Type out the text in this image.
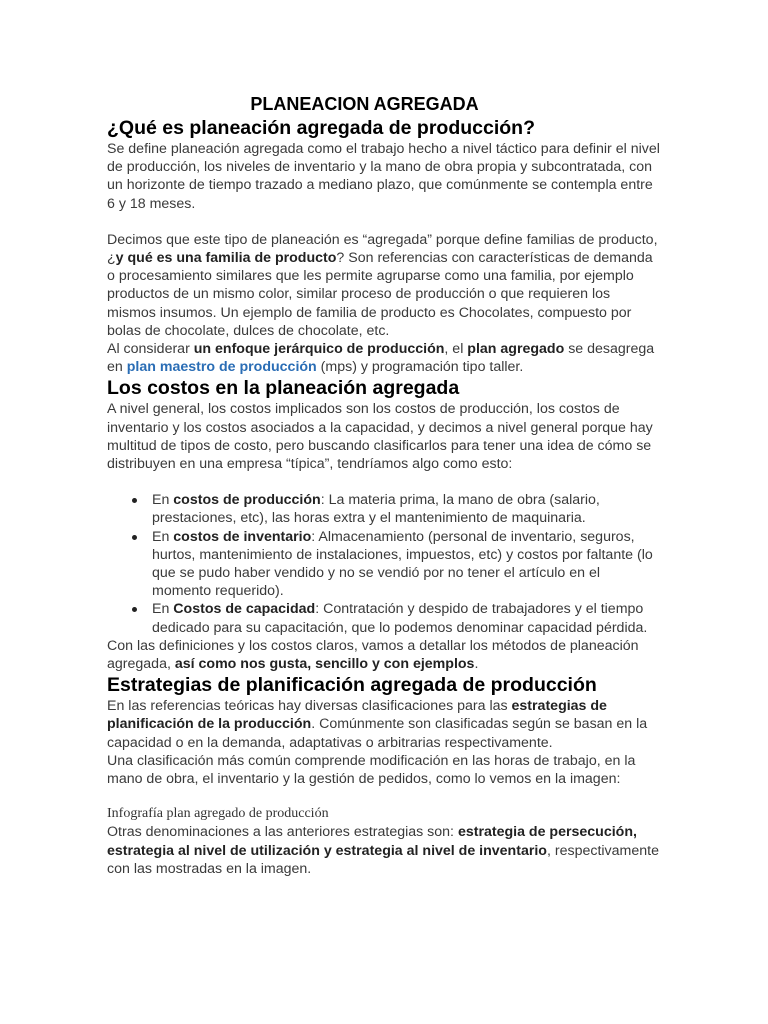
PLANEACION AGREGADA
¿Qué es planeación agregada de producción?

Se define planeación agregada como el trabajo hecho a nivel táctico para definir el nivel de producción, los niveles de inventario y la mano de obra propia y subcontratada, con un horizonte de tiempo trazado a mediano plazo, que comúnmente se contempla entre 6 y 18 meses.

Decimos que este tipo de planeación es “agregada” porque define familias de producto, ¿y qué es una familia de producto? Son referencias con características de demanda o procesamiento similares que les permite agruparse como una familia, por ejemplo productos de un mismo color, similar proceso de producción o que requieren los mismos insumos. Un ejemplo de familia de producto es Chocolates, compuesto por bolas de chocolate, dulces de chocolate, etc.

Al considerar un enfoque jerárquico de producción, el plan agregado se desagrega en plan maestro de producción (mps) y programación tipo taller.

Los costos en la planeación agregada

A nivel general, los costos implicados son los costos de producción, los costos de inventario y los costos asociados a la capacidad, y decimos a nivel general porque hay multitud de tipos de costo, pero buscando clasificarlos para tener una idea de cómo se distribuyen en una empresa “típica”, tendríamos algo como esto:

En costos de producción: La materia prima, la mano de obra (salario, prestaciones, etc), las horas extra y el mantenimiento de maquinaria.
En costos de inventario: Almacenamiento (personal de inventario, seguros, hurtos, mantenimiento de instalaciones, impuestos, etc) y costos por faltante (lo que se pudo haber vendido y no se vendió por no tener el artículo en el momento requerido).
En Costos de capacidad: Contratación y despido de trabajadores y el tiempo dedicado para su capacitación, que lo podemos denominar capacidad pérdida.

Con las definiciones y los costos claros, vamos a detallar los métodos de planeación agregada, así como nos gusta, sencillo y con ejemplos.

Estrategias de planificación agregada de producción

En las referencias teóricas hay diversas clasificaciones para las estrategias de planificación de la producción. Comúnmente son clasificadas según se basan en la capacidad o en la demanda, adaptativas o arbitrarias respectivamente.

Una clasificación más común comprende modificación en las horas de trabajo, en la mano de obra, el inventario y la gestión de pedidos, como lo vemos en la imagen:

Infografía plan agregado de producción

Otras denominaciones a las anteriores estrategias son: estrategia de persecución, estrategia al nivel de utilización y estrategia al nivel de inventario, respectivamente con las mostradas en la imagen.
